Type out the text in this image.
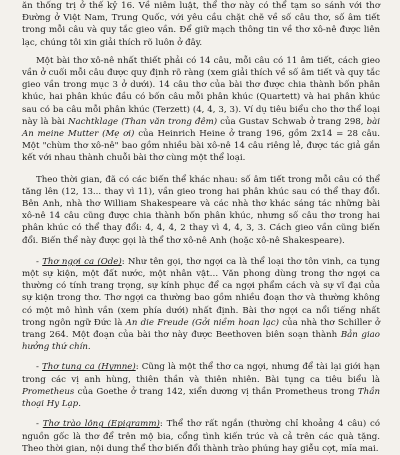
ăn thống trị ở thế kỷ 16. Về niêm luật, thể thơ này có thể tạm so sánh với thơ Đường ở Việt Nam, Trung Quốc, với yêu cầu chặt chẽ về số câu thơ, số âm tiết trong mỗi câu và quy tắc gieo vần. Để giữ mạch thông tin về thơ xô-nê được liên lạc, chúng tôi xin giải thích rõ luôn ở đây.

Một bài thơ xô-nê nhất thiết phải có 14 câu, mỗi câu có 11 âm tiết, cách gieo vần ở cuối mỗi câu được quy định rõ ràng (xem giải thích về số âm tiết và quy tắc gieo vần trong mục 3 ở dưới). 14 câu thơ của bài thơ được chia thành bốn phân khúc, hai phân khúc đầu có bốn câu mỗi phân khúc (Quartett) và hai phân khúc sau có ba câu mỗi phân khúc (Terzett) (4, 4, 3, 3). Ví dụ tiêu biểu cho thơ thể loại này là bài Nachtklage (Than văn trong đêm) của Gustav Schwab ở trang 298, bài An meine Mutter (Mẹ ơi) của Heinrich Heine ở trang 196, gồm 2x14 = 28 câu. Một "chùm thơ xô-nê" bao gồm nhiều bài xô-nê 14 câu riêng lẻ, được tác giả gắn kết với nhau thành chuỗi bài thơ cùng một thể loại.

Theo thời gian, đã có các biến thể khác nhau: số âm tiết trong mỗi câu có thể tăng lên (12, 13... thay vì 11), vần gieo trong hai phân khúc sau có thể thay đổi. Bên Anh, nhà thơ William Shakespeare và các nhà thơ khác sáng tác những bài xô-nê 14 câu cũng được chia thành bốn phân khúc, nhưng số câu thơ trong hai phân khúc có thể thay đổi: 4, 4, 4, 2 thay vì 4, 4, 3, 3. Cách gieo vần cũng biến đổi. Biến thể này được gọi là thể thơ xô-nê Anh (hoặc xô-nê Shakespeare).

- Thơ ngợi ca (Ode): Như tên gọi, thơ ngợi ca là thể loại thơ tôn vinh, ca tụng một sự kiện, một đất nước, một nhân vật… Văn phong dùng trong thơ ngợi ca thường có tính trang trọng, sự kính phục để ca ngợi phẩm cách và sự vĩ đại của sự kiện trong thơ. Thơ ngợi ca thường bao gồm nhiều đoạn thơ và thường không có một mô hình vần (xem phía dưới) nhất định. Bài thơ ngợi ca nổi tiếng nhất trong ngôn ngữ Đức là An die Freude (Gởi niềm hoan lạc) của nhà thơ Schiller ở trang 264. Một đoạn của bài thơ này được Beethoven biên soạn thành Bản giao hưởng thứ chín.

- Thơ tụng ca (Hymne): Cũng là một thể thơ ca ngợi, nhưng để tài lại giới hạn trong các vị anh hùng, thiên thần và thiên nhiên. Bài tụng ca tiêu biểu là Prometheus của Goethe ở trang 142, xiển dương vị thần Prometheus trong Thần thoại Hy Lạp.

- Thơ trào lộng (Epigramm): Thể thơ rất ngắn (thường chỉ khoảng 4 câu) có nguồn gốc là thơ để trên mộ bia, cổng tình kiến trúc và cả trên các quà tặng. Theo thời gian, nội dung thể thơ biến đổi thành trào phúng hay giễu cợt, mỉa mai.
